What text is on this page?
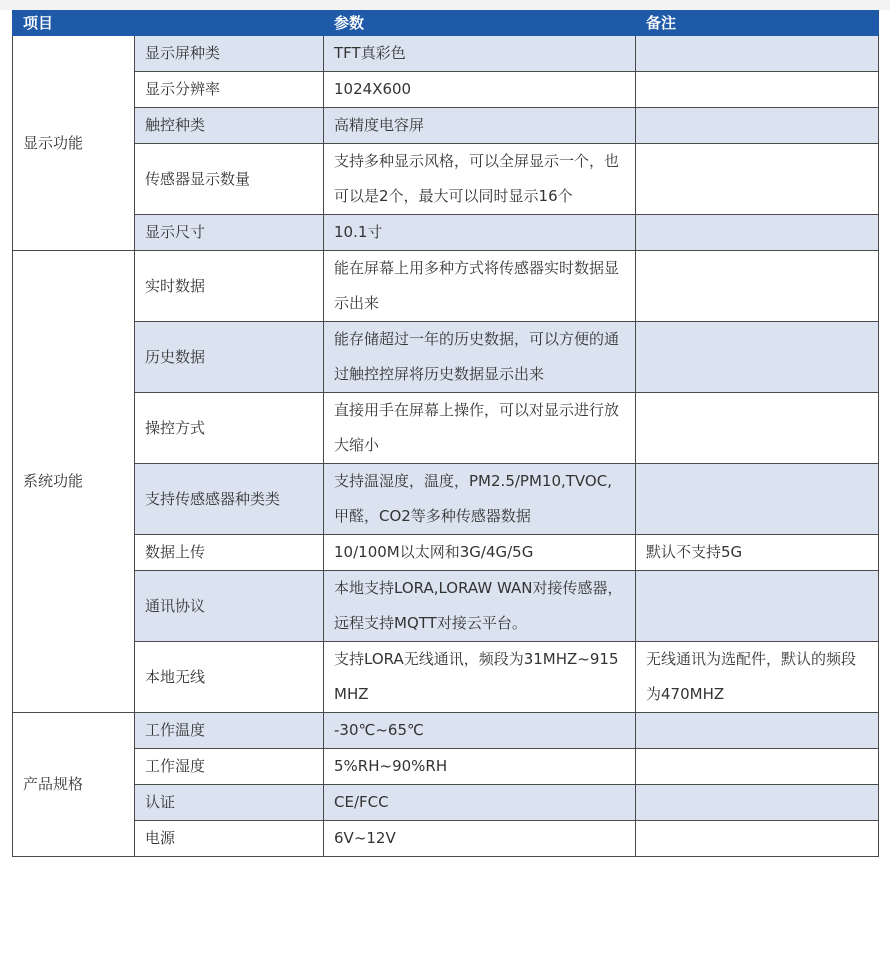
项目		参数	备注
显示功能	显示屏种类	TFT真彩色	
	显示分辨率	1024X600	
	触控种类	高精度电容屏	
	传感器显示数量	支持多种显示风格，可以全屏显示一个，也可以是2个，最大可以同时显示16个	
	显示尺寸	10.1寸	
系统功能	实时数据	能在屏幕上用多种方式将传感器实时数据显示出来	
	历史数据	能存储超过一年的历史数据，可以方便的通过触控控屏将历史数据显示出来	
	操控方式	直接用手在屏幕上操作，可以对显示进行放大缩小	
	支持传感感器种类类	支持温湿度，温度，PM2.5/PM10,TVOC,甲醛，CO2等多种传感器数据	
	数据上传	10/100M以太网和3G/4G/5G	默认不支持5G
	通讯协议	本地支持LORA,LORAW WAN对接传感器，
远程支持MQTT对接云平台。	

	本地无线	支持LORA无线通讯，频段为31MHZ~915MHZ	无线通讯为选配件，默认的频段为470MHZ
产品规格	工作温度	-30℃~65℃	
	工作湿度	5%RH~90%RH	
	认证	CE/FCC	
	电源	6V~12V	
